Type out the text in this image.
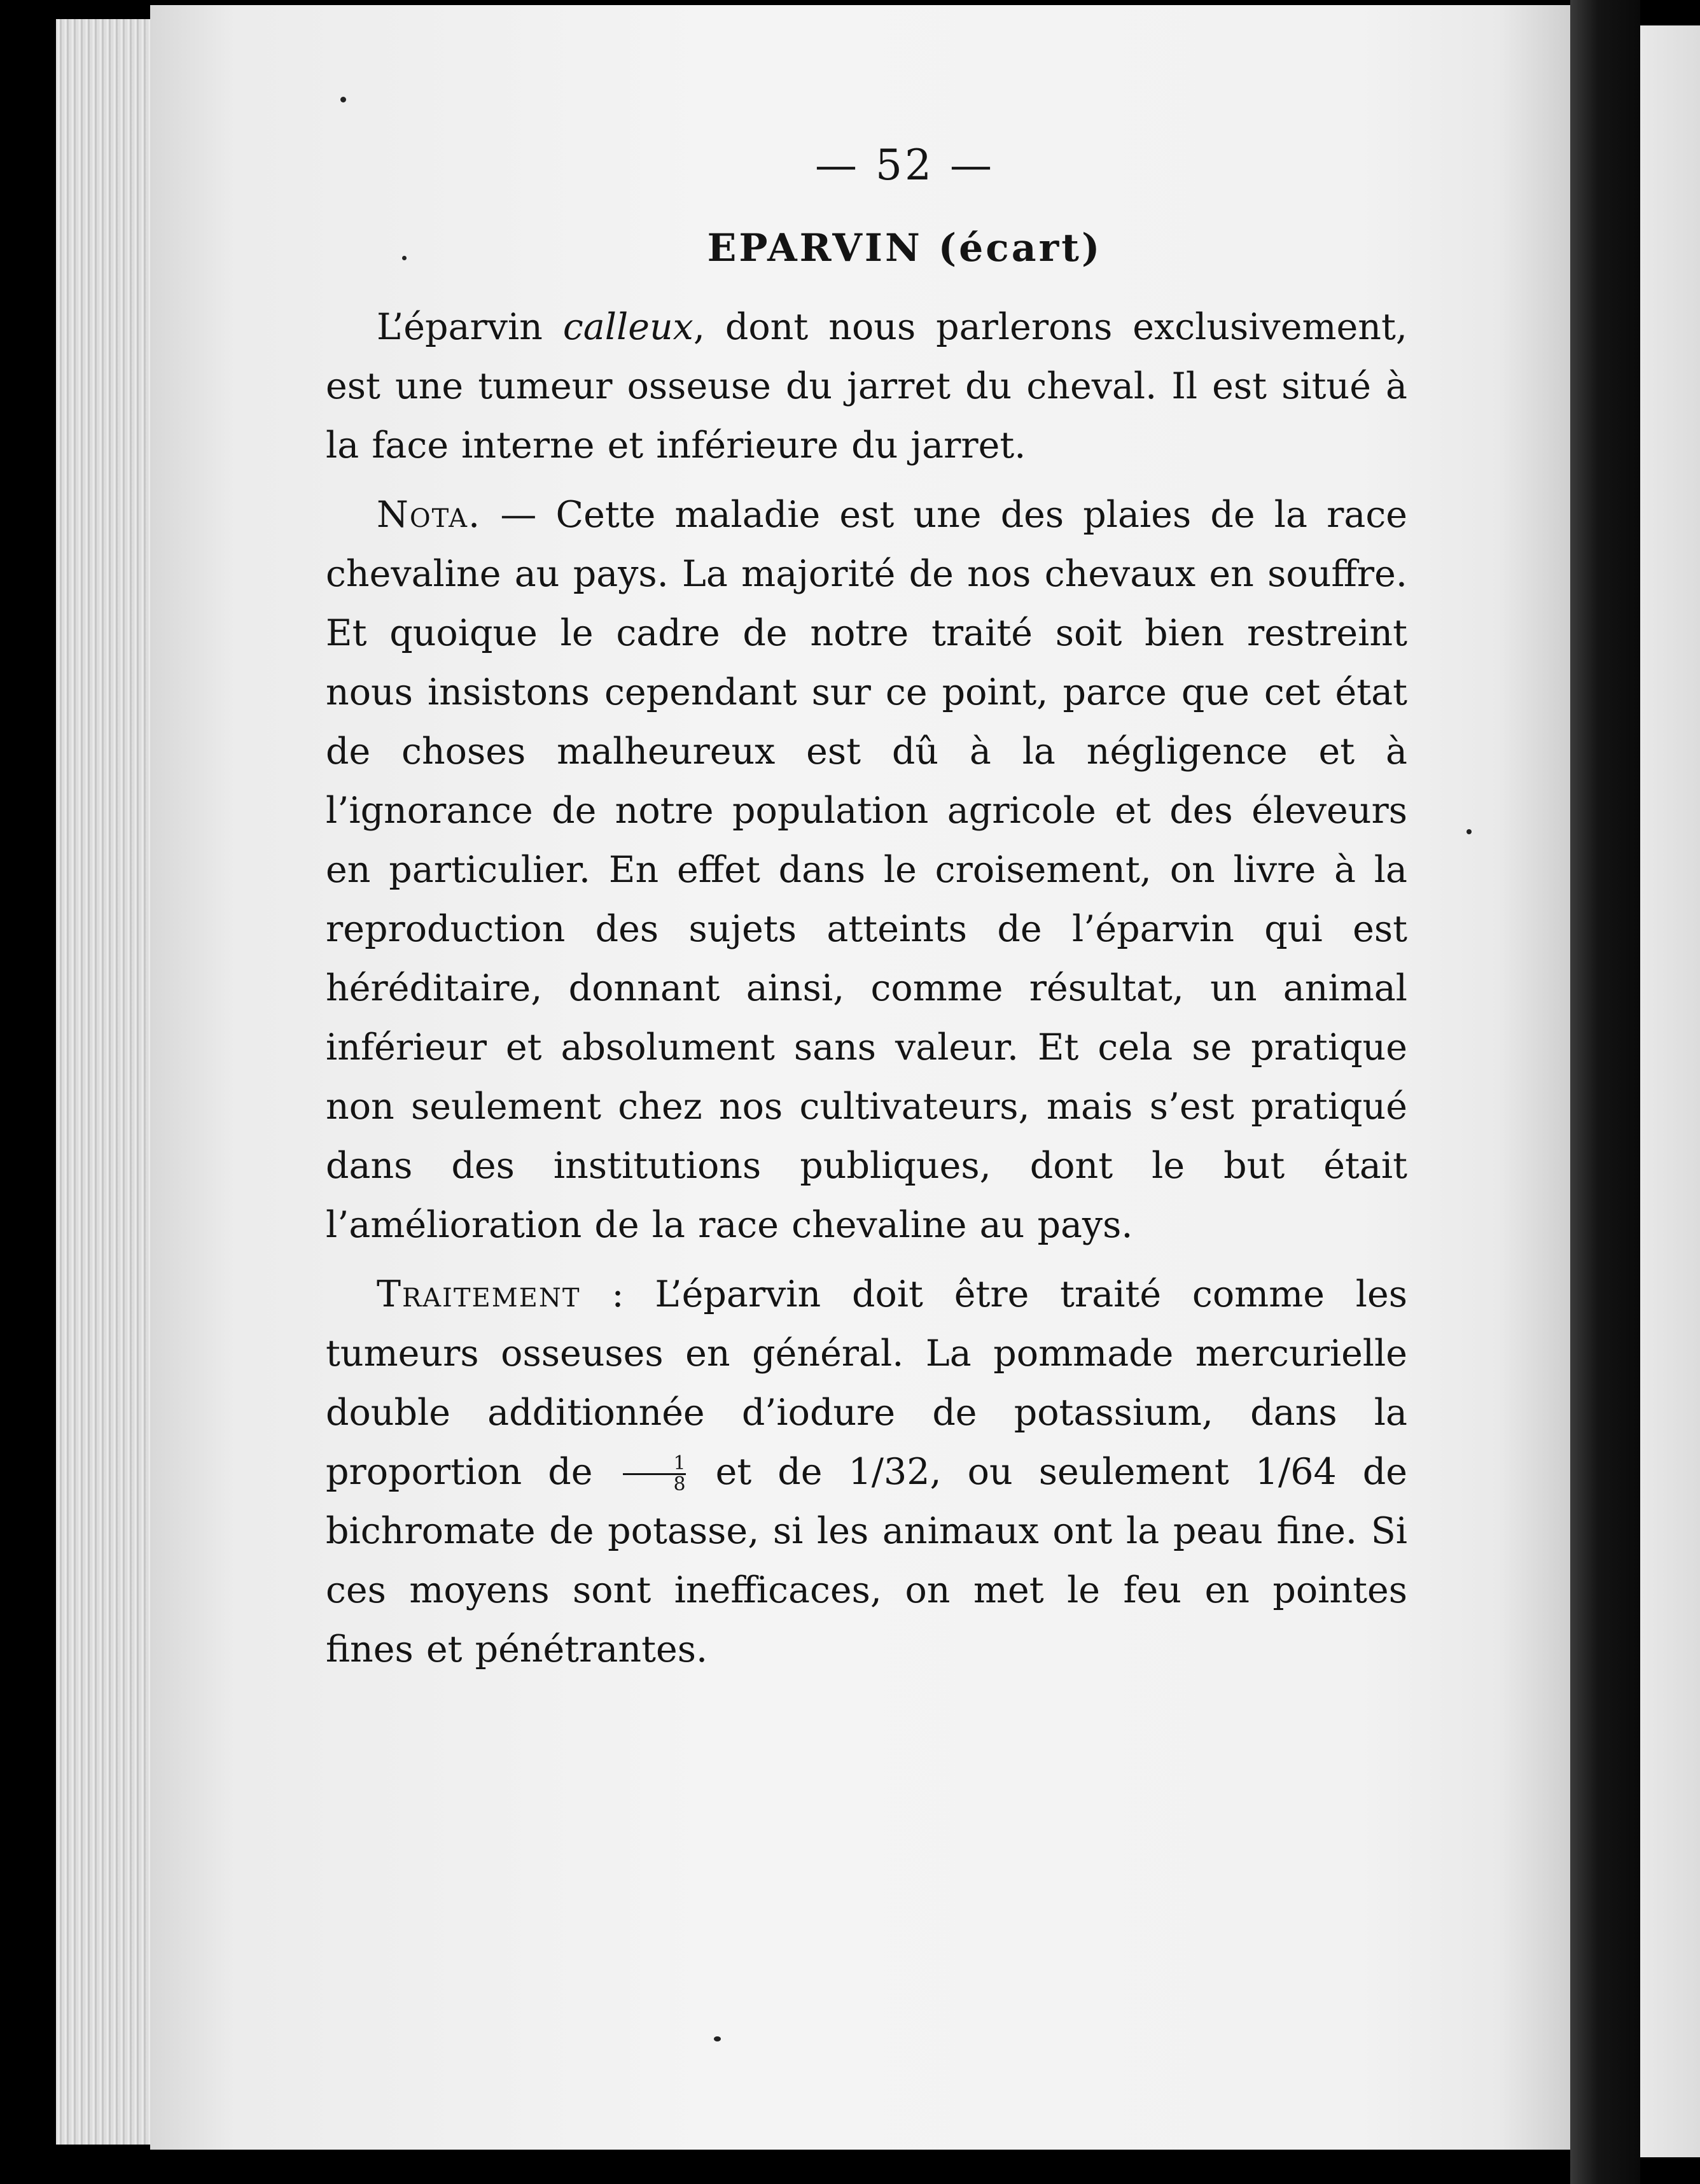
— 52 —
EPARVIN (écart)

L’éparvin calleux, dont nous parlerons exclusivement, est une tumeur osseuse du jarret du cheval. Il est situé à la face interne et inférieure du jarret.

Nota. — Cette maladie est une des plaies de la race chevaline au pays. La majorité de nos chevaux en souffre. Et quoique le cadre de notre traité soit bien restreint nous insistons cependant sur ce point, parce que cet état de choses malheureux est dû à la négligence et à l’ignorance de notre population agricole et des éleveurs en particulier. En effet dans le croisement, on livre à la reproduction des sujets atteints de l’éparvin qui est héréditaire, donnant ainsi, comme résultat, un animal inférieur et absolument sans valeur. Et cela se pratique non seulement chez nos cultivateurs, mais s’est pratiqué dans des institutions publiques, dont le but était l’amélioration de la race chevaline au pays.

Traitement : L’éparvin doit être traité comme les tumeurs osseuses en général. La pommade mercurielle double additionnée d’iodure de potassium, dans la proportion de $\frac{1}{8}$ et de 1/32, ou seulement 1/64 de bichromate de potasse, si les animaux ont la peau fine. Si ces moyens sont inefficaces, on met le feu en pointes fines et pénétrantes.
